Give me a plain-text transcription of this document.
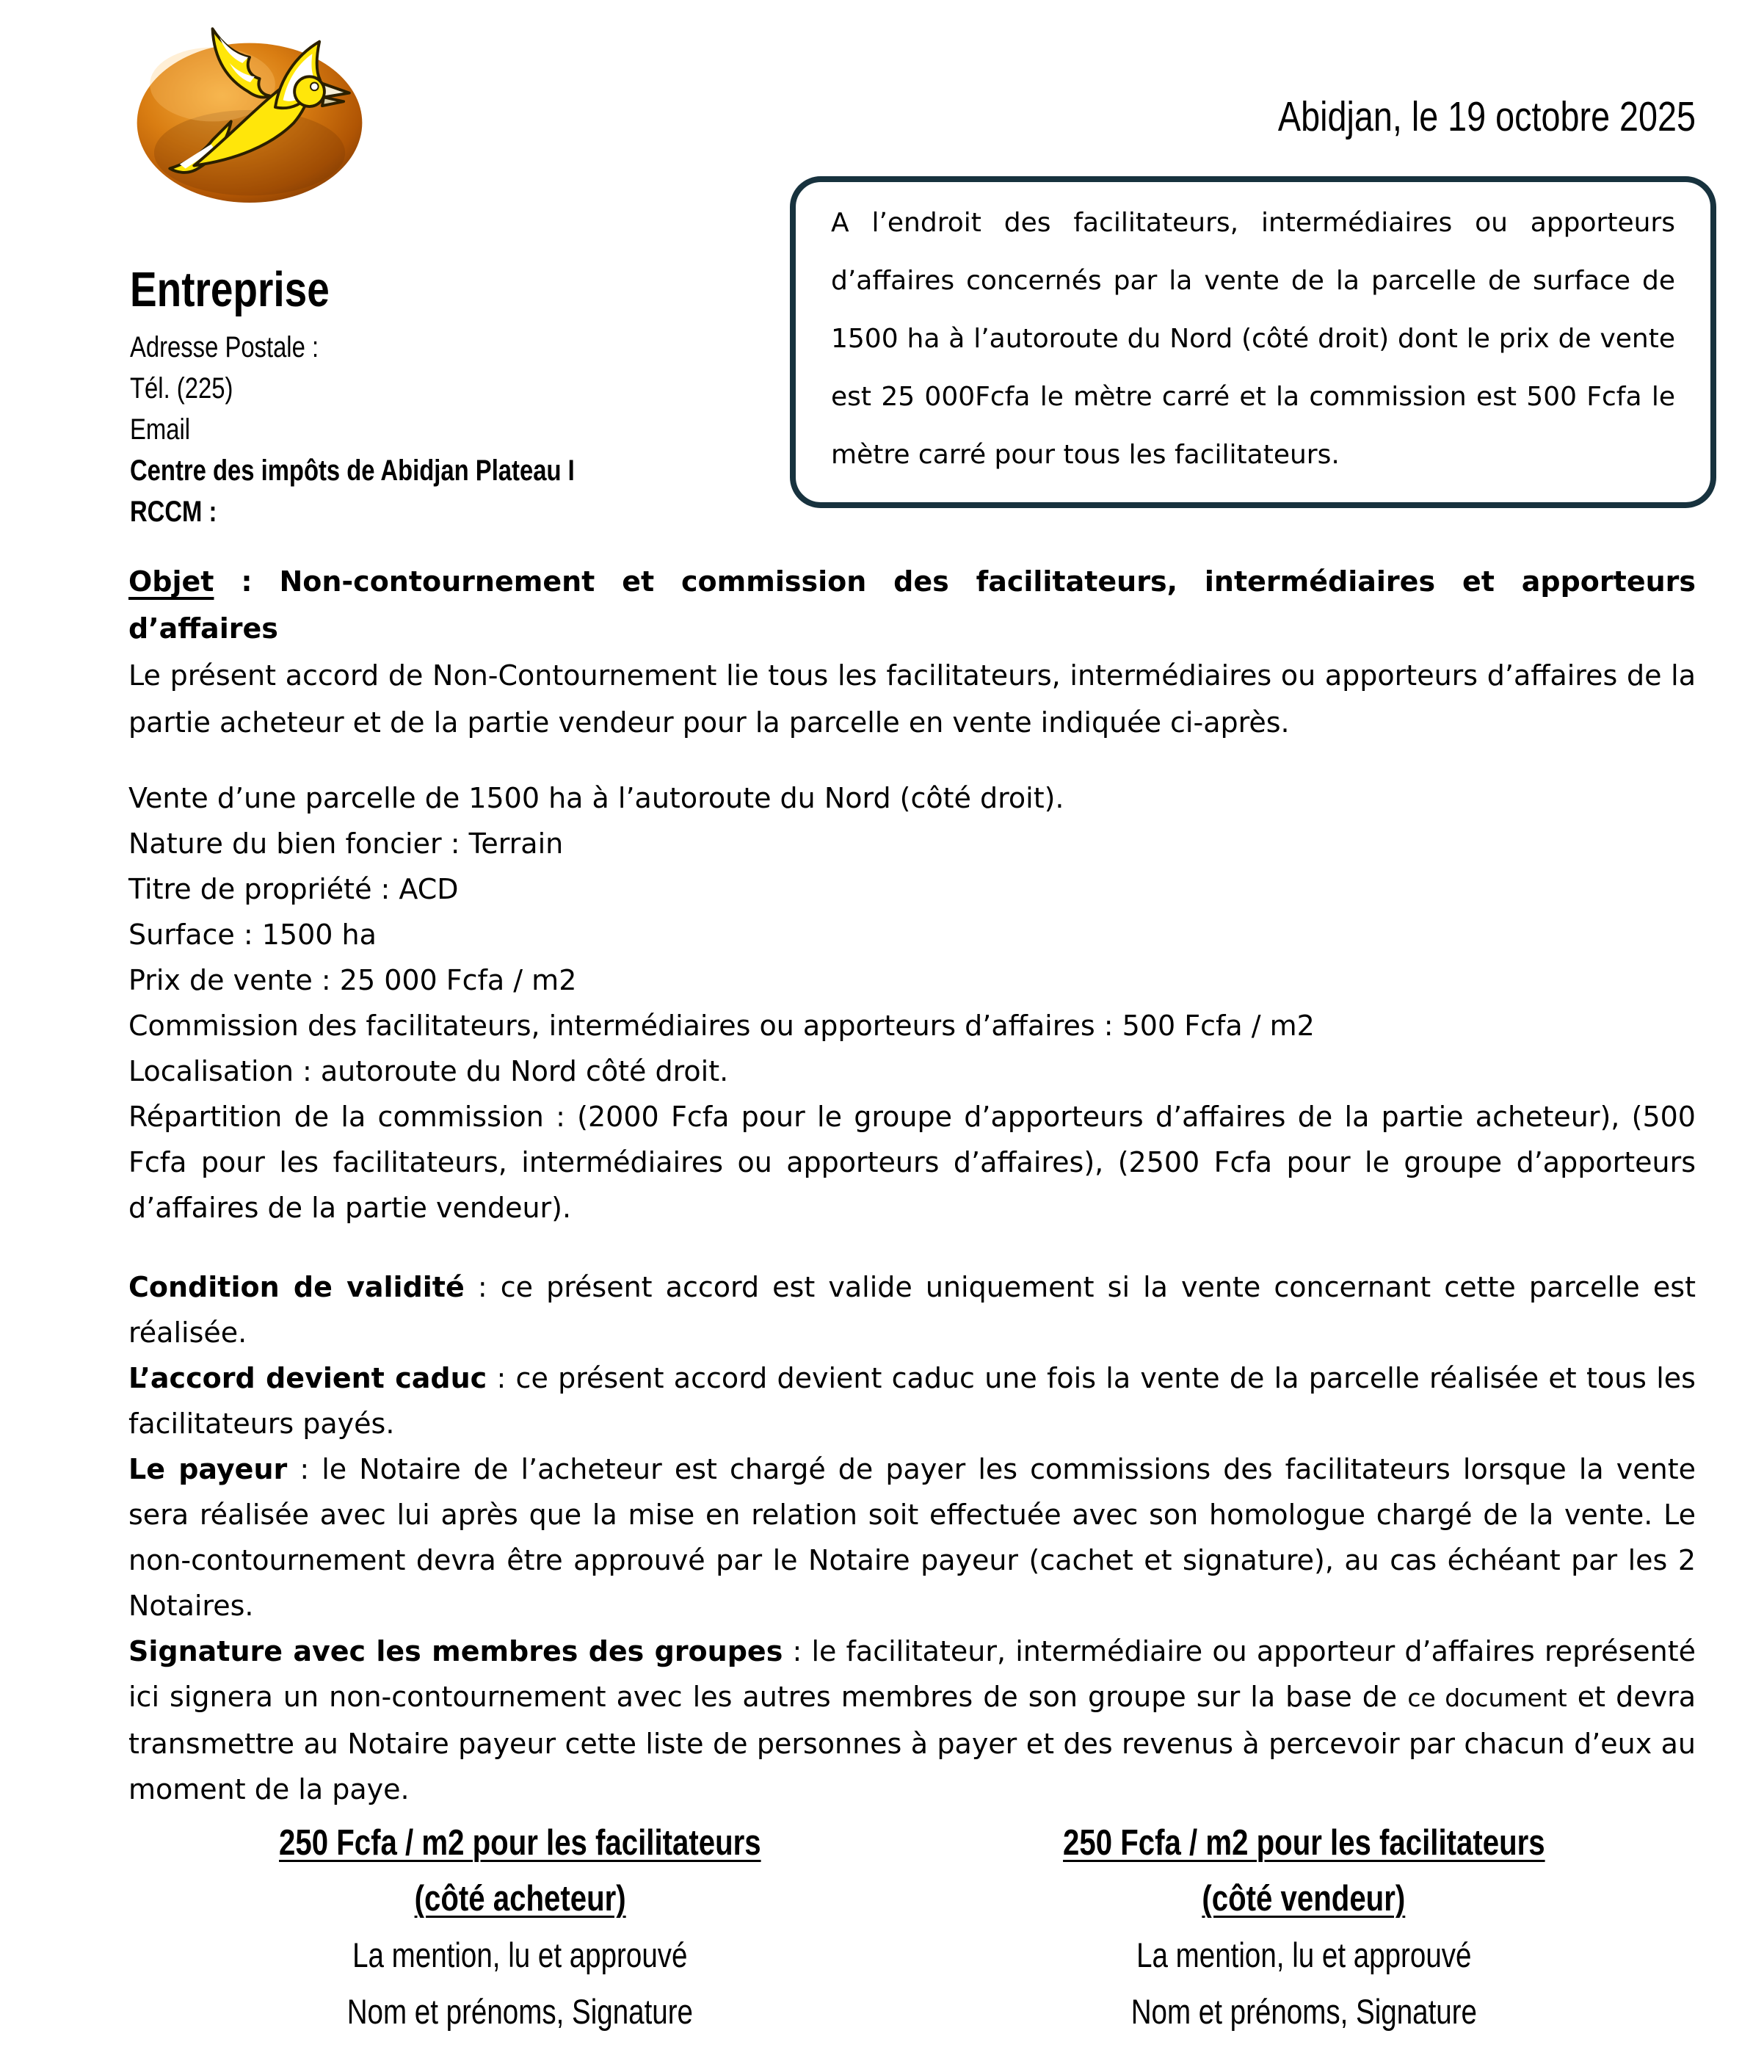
Abidjan, le 19 octobre 2025

Entreprise

Adresse Postale :

Tél. (225)

Email

Centre des impôts de Abidjan Plateau I

RCCM :

A l’endroit des facilitateurs, intermédiaires ou apporteurs d’affaires concernés par la vente de la parcelle de surface de 1500 ha à l’autoroute du Nord (côté droit) dont le prix de vente est 25 000Fcfa le mètre carré et la commission est 500 Fcfa le mètre carré pour tous les facilitateurs.

Objet : Non-contournement et commission des facilitateurs, intermédiaires et apporteurs d’affaires

Le présent accord de Non-Contournement lie tous les facilitateurs, intermédiaires ou apporteurs d’affaires de la partie acheteur et de la partie vendeur pour la parcelle en vente indiquée ci-après.

Vente d’une parcelle de 1500 ha à l’autoroute du Nord (côté droit).

Nature du bien foncier : Terrain

Titre de propriété : ACD

Surface : 1500 ha

Prix de vente : 25 000 Fcfa / m2

Commission des facilitateurs, intermédiaires ou apporteurs d’affaires : 500 Fcfa / m2

Localisation : autoroute du Nord côté droit.

Répartition de la commission : (2000 Fcfa pour le groupe d’apporteurs d’affaires de la partie acheteur), (500 Fcfa pour les facilitateurs, intermédiaires ou apporteurs d’affaires), (2500 Fcfa pour le groupe d’apporteurs d’affaires de la partie vendeur).

Condition de validité : ce présent accord est valide uniquement si la vente concernant cette parcelle est réalisée.

L’accord devient caduc : ce présent accord devient caduc une fois la vente de la parcelle réalisée et tous les facilitateurs payés.

Le payeur : le Notaire de l’acheteur est chargé de payer les commissions des facilitateurs lorsque la vente sera réalisée avec lui après que la mise en relation soit effectuée avec son homologue chargé de la vente. Le non-contournement devra être approuvé par le Notaire payeur (cachet et signature), au cas échéant par les 2 Notaires.

Signature avec les membres des groupes : le facilitateur, intermédiaire ou apporteur d’affaires représenté ici signera un non-contournement avec les autres membres de son groupe sur la base de ce document et devra transmettre au Notaire payeur cette liste de personnes à payer et des revenus à percevoir par chacun d’eux au moment de la paye.

250 Fcfa / m2 pour les facilitateurs

(côté acheteur)

La mention, lu et approuvé

Nom et prénoms, Signature

250 Fcfa / m2 pour les facilitateurs

(côté vendeur)

La mention, lu et approuvé

Nom et prénoms, Signature
